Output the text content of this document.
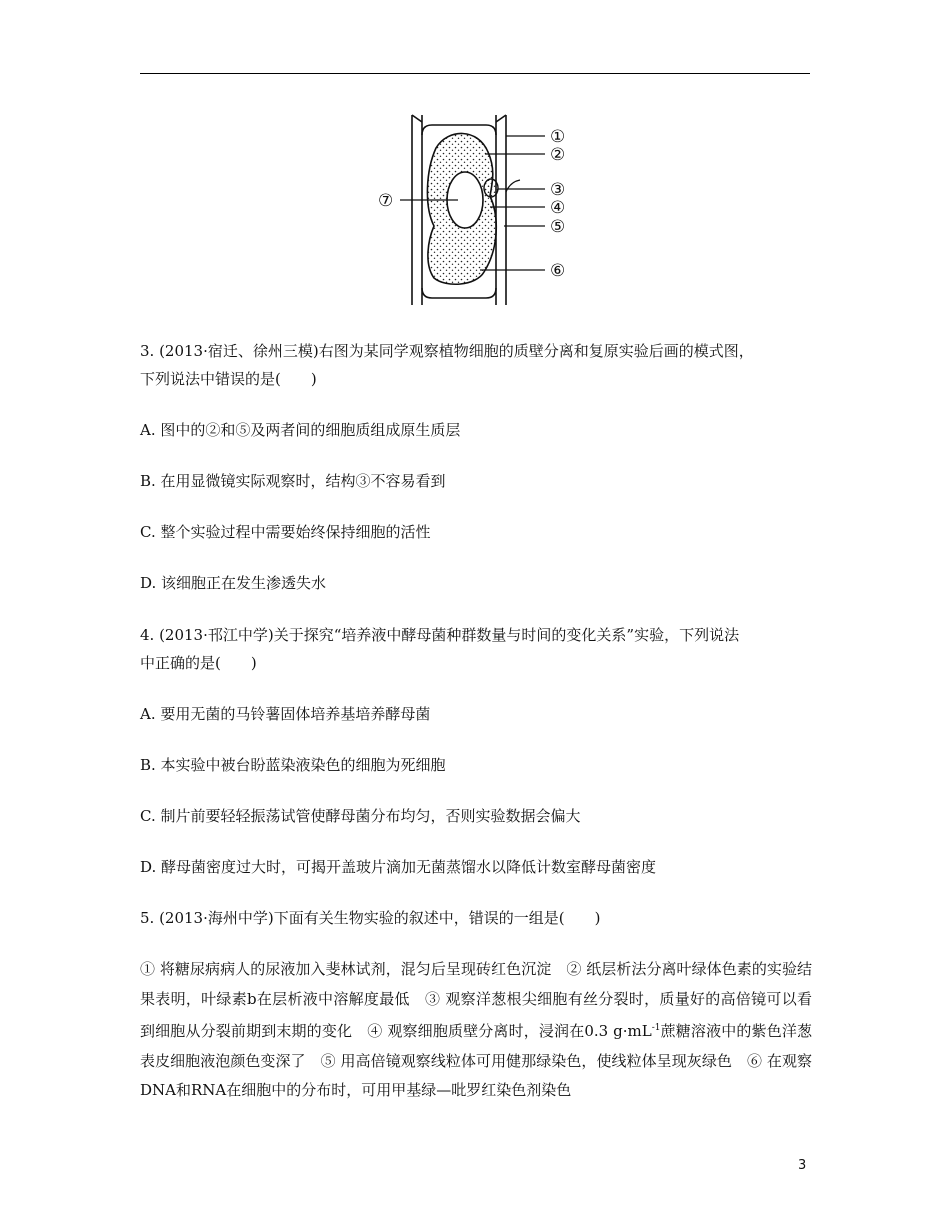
①
②
③
④
⑤
⑥
⑦
3. (2013·宿迁、徐州三模)右图为某同学观察植物细胞的质壁分离和复原实验后画的模式图，
下列说法中错误的是(　　)
A. 图中的②和⑤及两者间的细胞质组成原生质层
B. 在用显微镜实际观察时，结构③不容易看到
C. 整个实验过程中需要始终保持细胞的活性
D. 该细胞正在发生渗透失水
4. (2013·邗江中学)关于探究“培养液中酵母菌种群数量与时间的变化关系”实验，下列说法
中正确的是(　　)
A. 要用无菌的马铃薯固体培养基培养酵母菌
B. 本实验中被台盼蓝染液染色的细胞为死细胞
C. 制片前要轻轻振荡试管使酵母菌分布均匀，否则实验数据会偏大
D. 酵母菌密度过大时，可揭开盖玻片滴加无菌蒸馏水以降低计数室酵母菌密度
5. (2013·海州中学)下面有关生物实验的叙述中，错误的一组是(　　)
① 将糖尿病病人的尿液加入斐林试剂，混匀后呈现砖红色沉淀　② 纸层析法分离叶绿体色素的实验结果表明，叶绿素b在层析液中溶解度最低　③ 观察洋葱根尖细胞有丝分裂时，质量好的高倍镜可以看到细胞从分裂前期到末期的变化　④ 观察细胞质壁分离时，浸润在0.3 $g\cdot mL^{-1}$蔗糖溶液中的紫色洋葱表皮细胞液泡颜色变深了　⑤ 用高倍镜观察线粒体可用健那绿染色，使线粒体呈现灰绿色　⑥ 在观察DNA和RNA在细胞中的分布时，可用甲基绿—吡罗红染色剂染色
3
